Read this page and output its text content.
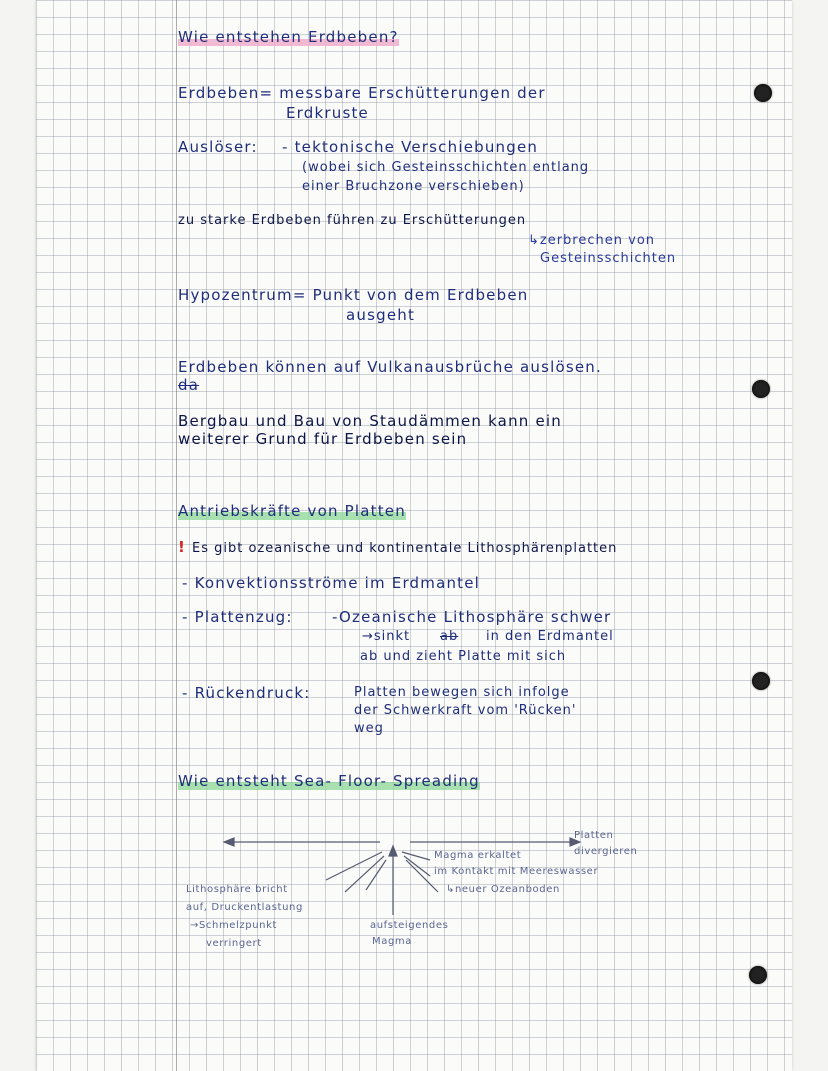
Wie entstehen Erdbeben?
Erdbeben= messbare Erschütterungen der
Erdkruste
Auslöser: - tektonische Verschiebungen
(wobei sich Gesteinsschichten entlang
einer Bruchzone verschieben)
zu starke Erdbeben führen zu Erschütterungen
↳zerbrechen von
Gesteinsschichten
Hypozentrum= Punkt von dem Erdbeben
ausgeht
Erdbeben können auf Vulkanausbrüche auslösen.
da
Bergbau und Bau von Staudämmen kann ein
weiterer Grund für Erdbeben sein
Antriebskräfte von Platten
! Es gibt ozeanische und kontinentale Lithosphärenplatten
- Konvektionsströme im Erdmantel
- Plattenzug:	-Ozeanische Lithosphäre schwer
→sinkt ab in den Erdmantel
ab und zieht Platte mit sich
- Rückendruck:	Platten bewegen sich infolge
der Schwerkraft vom 'Rücken'
weg
Wie entsteht Sea- Floor- Spreading
Platten
divergieren
Magma erkaltet
im Kontakt mit Meereswasser
↳neuer Ozeanboden
Lithosphäre bricht
auf, Druckentlastung
→Schmelzpunkt
verringert
aufsteigendes
Magma
